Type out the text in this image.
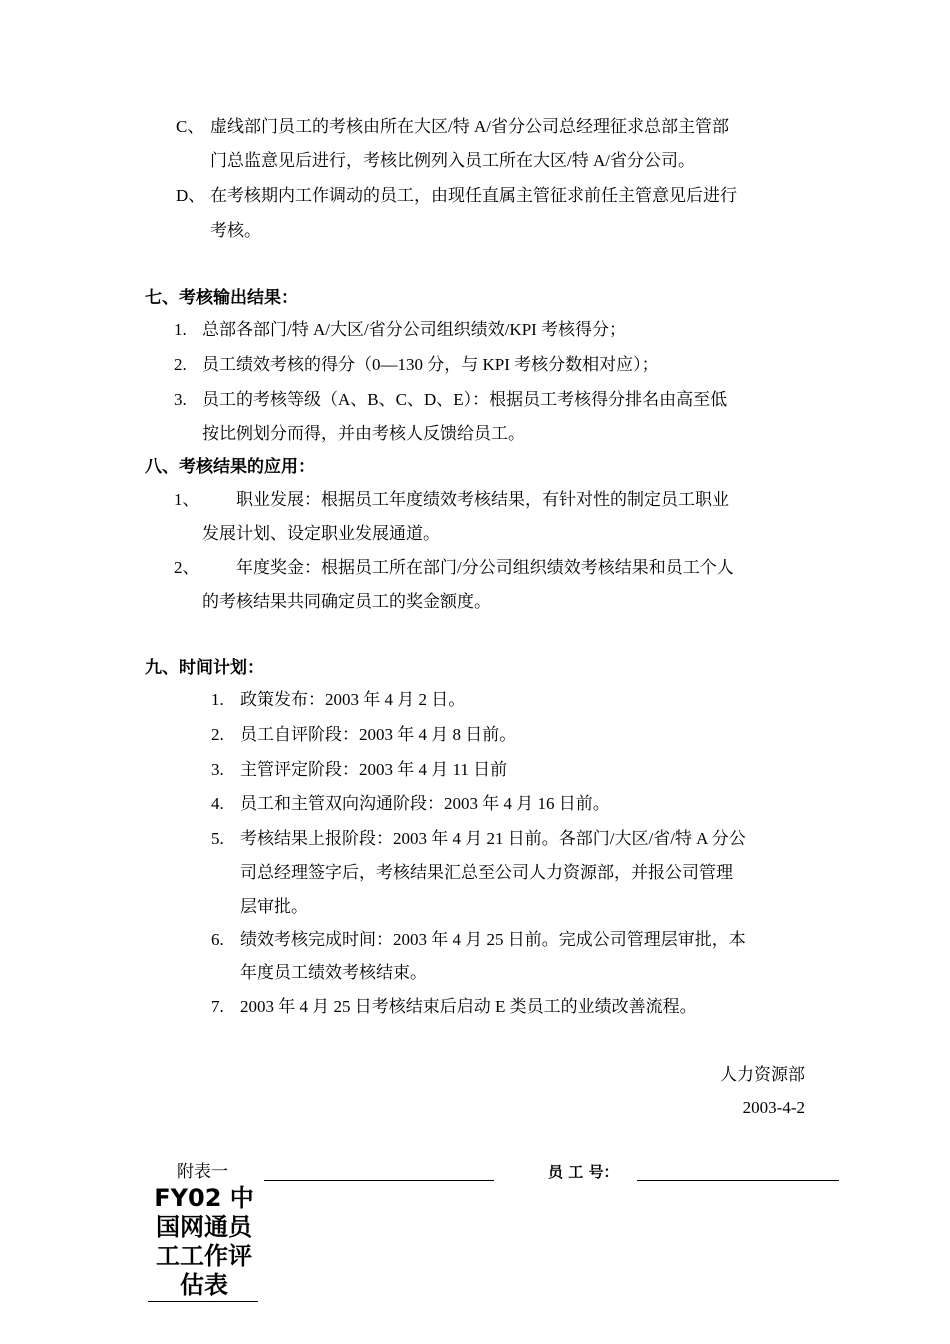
C、 虚线部门员工的考核由所在大区/特 A/省分公司总经理征求总部主管部
门总监意见后进行，考核比例列入员工所在大区/特 A/省分公司。
D、 在考核期内工作调动的员工，由现任直属主管征求前任主管意见后进行
考核。
七、考核输出结果：
1. 总部各部门/特 A/大区/省分公司组织绩效/KPI 考核得分；
2. 员工绩效考核的得分（0—130 分，与 KPI 考核分数相对应）；
3. 员工的考核等级（A、B、C、D、E）：根据员工考核得分排名由高至低
按比例划分而得，并由考核人反馈给员工。
八、考核结果的应用：
1、 职业发展：根据员工年度绩效考核结果，有针对性的制定员工职业
发展计划、设定职业发展通道。
2、 年度奖金：根据员工所在部门/分公司组织绩效考核结果和员工个人
的考核结果共同确定员工的奖金额度。
九、时间计划：
1. 政策发布：2003 年 4 月 2 日。
2. 员工自评阶段：2003 年 4 月 8 日前。
3. 主管评定阶段：2003 年 4 月 11 日前
4. 员工和主管双向沟通阶段：2003 年 4 月 16 日前。
5. 考核结果上报阶段：2003 年 4 月 21 日前。各部门/大区/省/特 A 分公
司总经理签字后，考核结果汇总至公司人力资源部，并报公司管理
层审批。
6. 绩效考核完成时间：2003 年 4 月 25 日前。完成公司管理层审批，本
年度员工绩效考核结束。
7. 2003 年 4 月 25 日考核结束后启动 E 类员工的业绩改善流程。
人力资源部
2003-4-2
附表一	员 工 号：
FY02 中国网通员工工作评估表
